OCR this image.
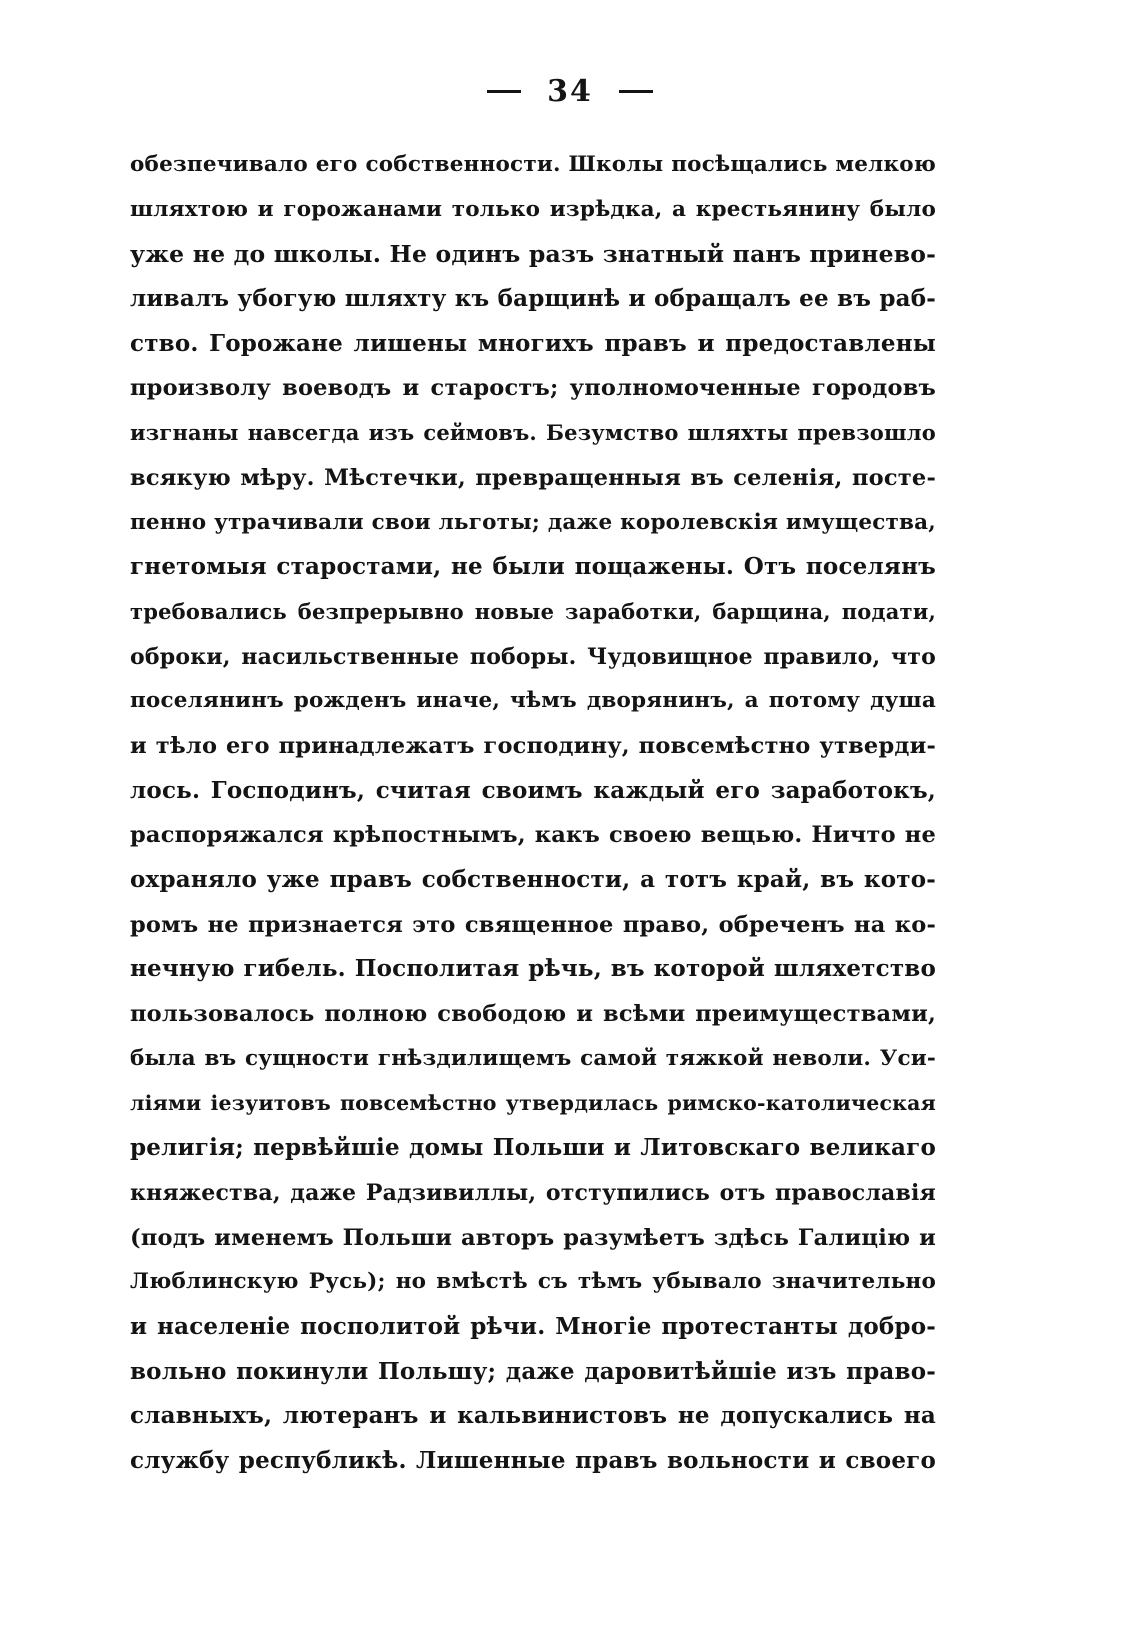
34
обезпечивало его собственности. Школы посѣщались мелкою
шляхтою и горожанами только изрѣдка, а крестьянину было
уже не до школы. Не одинъ разъ знатный панъ принево-
ливалъ убогую шляхту къ барщинѣ и обращалъ ее въ раб-
ство. Горожане лишены многихъ правъ и предоставлены
произволу воеводъ и старостъ; уполномоченные городовъ
изгнаны навсегда изъ сеймовъ. Безумство шляхты превзошло
всякую мѣру. Мѣстечки, превращенныя въ селенія, посте-
пенно утрачивали свои льготы; даже королевскія имущества,
гнетомыя старостами, не были пощажены. Отъ поселянъ
требовались безпрерывно новые заработки, барщина, подати,
оброки, насильственные поборы. Чудовищное правило, что
поселянинъ рожденъ иначе, чѣмъ дворянинъ, а потому душа
и тѣло его принадлежатъ господину, повсемѣстно утверди-
лось. Господинъ, считая своимъ каждый его заработокъ,
распоряжался крѣпостнымъ, какъ своею вещью. Ничто не
охраняло уже правъ собственности, а тотъ край, въ кото-
ромъ не признается это священное право, обреченъ на ко-
нечную гибель. Посполитая рѣчь, въ которой шляхетство
пользовалось полною свободою и всѣми преимуществами,
была въ сущности гнѣздилищемъ самой тяжкой неволи. Уси-
ліями іезуитовъ повсемѣстно утвердилась римско-католическая
религія; первѣйшіе домы Польши и Литовскаго великаго
княжества, даже Радзивиллы, отступились отъ православія
(подъ именемъ Польши авторъ разумѣетъ здѣсь Галицію и
Люблинскую Русь); но вмѣстѣ съ тѣмъ убывало значительно
и населеніе посполитой рѣчи. Многіе протестанты добро-
вольно покинули Польшу; даже даровитѣйшіе изъ право-
славныхъ, лютеранъ и кальвинистовъ не допускались на
службу республикѣ. Лишенные правъ вольности и своего
